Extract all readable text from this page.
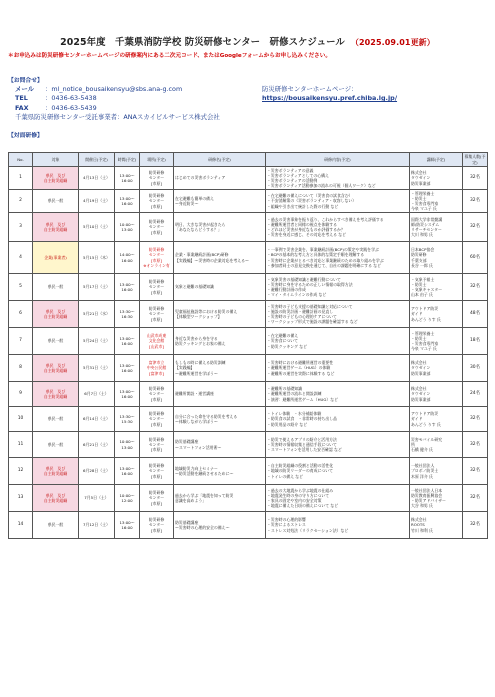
2025年度　千葉県消防学校 防災研修センター　研修スケジュール （2025.09.01更新）
＊お申込みは防災研修センターホームページの研修案内にある二次元コード、またはGoogleフォームからお申し込みください。
【お問合せ】
メール ：ml_notice_bousaikensyu@sbs.ana-g.com
TEL	：0436-63-5438
FAX	：0436-63-5439
千葉県防災研修センター受託事業者：ANAスカイビルサービス株式会社
防災研修センターホームページ：
https://bousaikensyu.pref.chiba.lg.jp/
【対面研修】
No.	対象	開催日(予定)	時間(予定)	場所(予定)	研修名(予定)	研修内容(予定)	講師(予定)	募集人数(予定)
1	県民　及び
自主防災組織	4月13日（土）	13:00～
16:00	防災研修
センター
[市原]	はじめての災害ボランティア	・災害ボランティアの意義
・災害ボランティアとしての心構え
・災害ボランティアの活動例
・災害ボランティア活動参加の流れの可視（個人ワーク）など	株式会社
タウゼイン
防災事業部	32名
2	県民一般	4月19日（土）	13:00～
16:00	防災研修
センター
[市原]	在宅避難も簡単の備え
～身近防災～	・在宅避難の備えについて（災害食の試食含む）
・不安消解策の（災害ボランティア・収容しない）
・組織や引き出て統計した際の行動 など	・管理栄養士
・防災士
・災害食専門家
今泉 マユ子 氏	32名
3	県民　及び
自主防災組織	5月10日（土）	10:00～
13:00	防災研修
センター
[市原]	明日、大きな災害が起きたら
「あなたならどうする？」	・過去の災害事象を振り返り、これからすべき備えを考え評価する
・避難所運営者と同様の視点を体験する
・どれほど災害が身近なものか評価するか？
・災害を身近に感じ、その対応を考える など	国際大学非常勤講
師/防災システム
リサーチセンター
大川 和男 氏	32名
4	企業(事業者)	5月15日（木）	14:00～
16:00	防災研修
センター
[市原]
※オンライン有	企業・事業継続計画(BCP)研修
【実践編】～災害時の企業対応を考える～	・一事例で災害企業を、事業継続計画(BCP)の策定や実践を学ぶ
・BCPの基本的な考え方と具体的な策定手順を理解する
・災害時に企業がとるべき対応と事業継続のための取り組みを学ぶ
・参加者同士の意見交換を通じて、自社の課題を明確にする など	日本BCP協会
防災研修
千葉支部
長谷 一郎 氏	60名
5	県民一般	5月17日（土）	13:00～
16:00	防災研修
センター
[市原]	気象と避難の基礎知識	・気象災害の基礎知識と避難行動について
・災害時に身を守るための正しい情報の取得方法
・避難行動計画の作成
・マイ・タイムラインの作成 など	・気象予報士
・防災士
・気象キャスター
山本 由子 氏	32名
6	県民　及び
自主防災組織	5月21日（水）	13:30～
16:30	防災研修
センター
[市原]	児童福祉施設等における防災の備え
【体験型ワークショップ】	・災害時の子ども支援の基礎知識と対応について
・施設の防災計画・避難計画の見直し
・災害時の子どもの心理的ケアについて
・ワークショップ形式で施設の課題を確認する など	アウトドア防災
ガイド
あんどう りす 氏	48名
7	県民一般	5月24日（土）	13:00～
16:00	山武市成東
文化会館
[山武市]	身近な災害から身を守る
防災クッキングとお家の備え	・在宅避難の備え
・災害食について
・防災クッキング など	・管理栄養士
・防災士
・災害食専門家
今泉 マユ子 氏	18名
8	県民　及び
自主防災組織	5月31日（土）	13:00～
16:00	富津市立
中央公民館
[富津市]	もしもの時に備える防災訓練
【実践編】
～避難所運営を学ぼう～	・災害時における避難所運営の重要性
・避難所運営ゲーム（HUG）の体験
・避難所の運営を実際に体験する など	株式会社
タウゼイン
防災事業部	30名
9	県民　及び
自主防災組織	6月7日（土）	13:00～
16:00	防災研修
センター
[市原]	避難所開設・運営講座	・避難所の基礎知識
・避難所運営の流れと開設訓練
・演習：避難所運営ゲーム（HUG）など	株式会社
タウゼイン
防災事業部	24名
10	県民一般	6月14日（土）	13:30～
15:30	防災研修
センター
[市原]	自分に合った命を守る防災を考える
～体験しながら学ぼう～	・トイレ体験　・水分補給体験
・防災食の試食　・非常時の持ち出し品
・防災用品の紹介 など	アウトドア防災
ガイド
あんどう りす 氏	32名
11	県民一般	6月21日（土）	10:00～
13:00	防災研修
センター
[市原]	防災基礎講座
～スマートフォン活用術～	・防災で使えるアプリの紹介と活用方法
・災害時の情報収集と通信手段について
・スマートフォンを活用した安否確認 など	災害モバイル研究
所
石橋 健介 氏	32名
12	県民　及び
自主防災組織	6月28日（土）	13:00～
16:00	防災研修
センター
[市原]	地域防災力向上セミナー
～防災活動を継続させるために～	・自主防災組織の役割と活動の活性化
・地域の防災リーダーの育成について
・トイレの備え など	一般社団法人
プロボノ防災士
木原 洋介 氏	32名
13	県民　及び
自主防災組織	7月5日（土）	10:00～
12:00	防災研修
センター
[市原]	過去から学ぶ「地震を知って防災
意識を高めよう」	・過去の大地震から学ぶ地震の仕組み
・地震発生時の身の守り方について
・家具の固定や室内の安全対策
・地震に備えた日頃の備えについて など	一般社団法人日本
防災教育振興協会
・防災アドバイザー
大谷 和男 氏	32名
14	県民一般	7月12日（土）	13:00～
16:00	防災研修
センター
[市原]	防災基礎講座
～災害時の心理的安全の備え～	・災害時の心理的影響
・災害によるストレス
・ストレス対処法（リラクセーション法）など	株式会社
ROOTS
竹川 和利 氏	32名
